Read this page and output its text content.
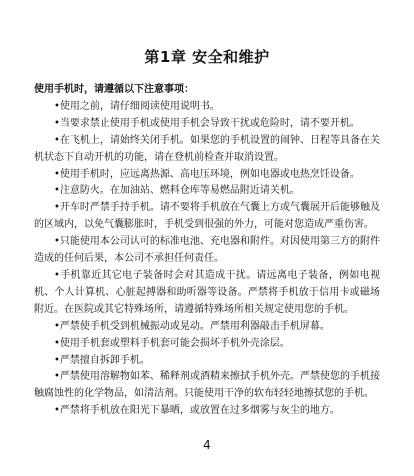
第1章 安全和维护
使用手机时，请遵循以下注意事项：
•使用之前，请仔细阅读使用说明书。
•当要求禁止使用手机或使用手机会导致干扰或危险时，请不要开机。
•在飞机上，请始终关闭手机。如果您的手机设置的闹钟、日程等具备在关机状态下自动开机的功能，请在登机前检查并取消设置。
•使用手机时，应远离热源、高电压环境，例如电器或电热烹饪设备。
•注意防火。在加油站、燃料仓库等易燃品附近请关机。
•开车时严禁手持手机。请不要将手机放在气囊上方或气囊展开后能够触及的区域内，以免气囊膨胀时，手机受到很强的外力，可能对您造成严重伤害。
•只能使用本公司认可的标准电池、充电器和附件。对因使用第三方的附件造成的任何后果，本公司不承担任何责任。
•手机靠近其它电子装备时会对其造成干扰。请远离电子装备，例如电视机、个人计算机、心脏起搏器和助听器等设备。严禁将手机放于信用卡或磁场附近。在医院或其它特殊场所，请遵循特殊场所相关规定使用您的手机。
•严禁使手机受到机械振动或晃动。严禁用利器敲击手机屏幕。
•使用手机套或塑料手机套可能会损坏手机外壳涂层。
•严禁擅自拆卸手机。
•严禁使用溶解物如苯、稀释剂或酒精来擦拭手机外壳。严禁使您的手机接触腐蚀性的化学物品，如清洁剂。只能使用干净的软布轻轻地擦拭您的手机。
•严禁将手机放在阳光下暴晒，或放置在过多烟雾与灰尘的地方。
4
